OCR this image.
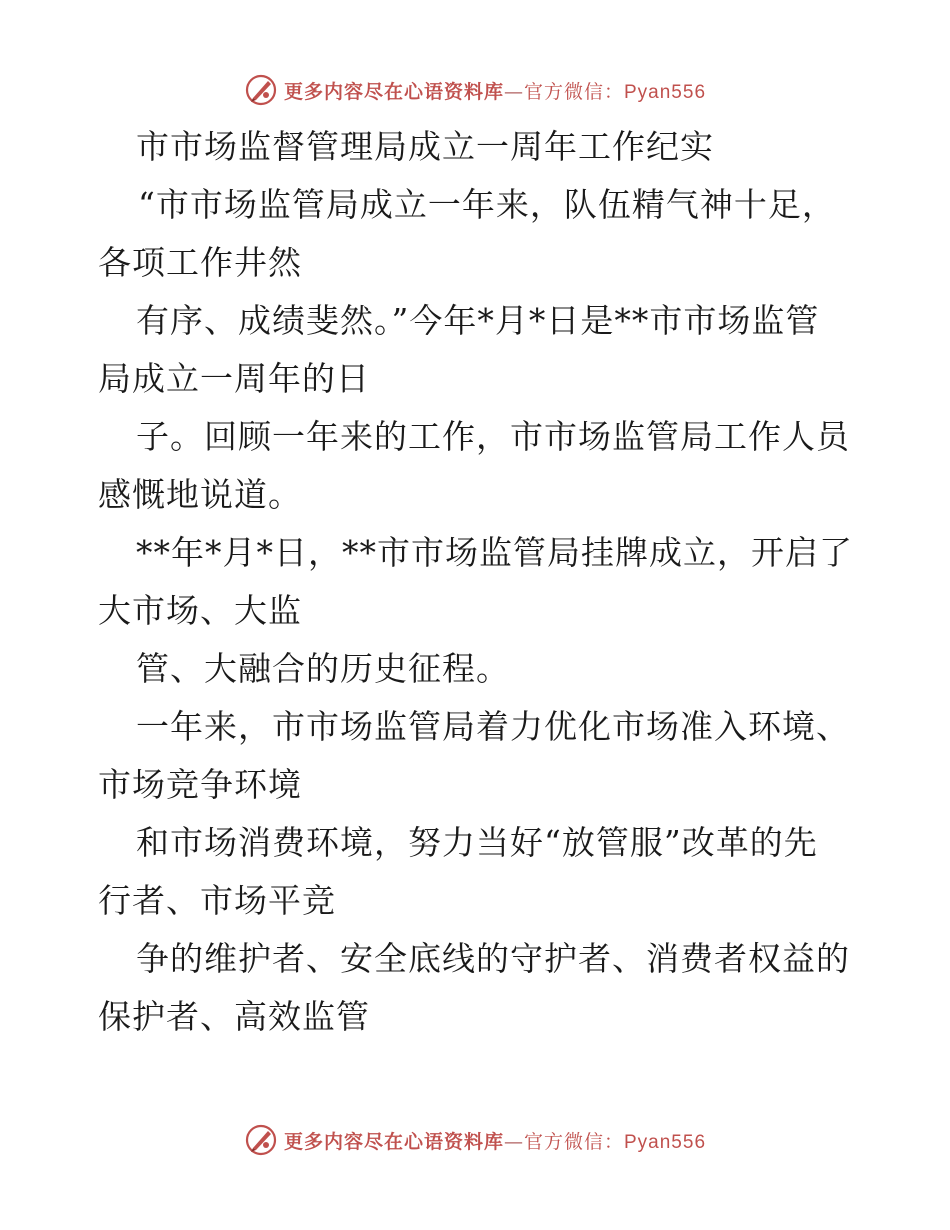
更多内容尽在心语资料库—官方微信：Pyan556
市市场监督管理局成立一周年工作纪实
“市市场监管局成立一年来，队伍精气神十足，
各项工作井然
有序、成绩斐然。”今年*月*日是**市市场监管
局成立一周年的日
子。回顾一年来的工作，市市场监管局工作人员
感慨地说道。
**年*月*日，**市市场监管局挂牌成立，开启了
大市场、大监
管、大融合的历史征程。
一年来，市市场监管局着力优化市场准入环境、
市场竞争环境
和市场消费环境，努力当好“放管服”改革的先
行者、市场平竞
争的维护者、安全底线的守护者、消费者权益的
保护者、高效监管
更多内容尽在心语资料库—官方微信：Pyan556
